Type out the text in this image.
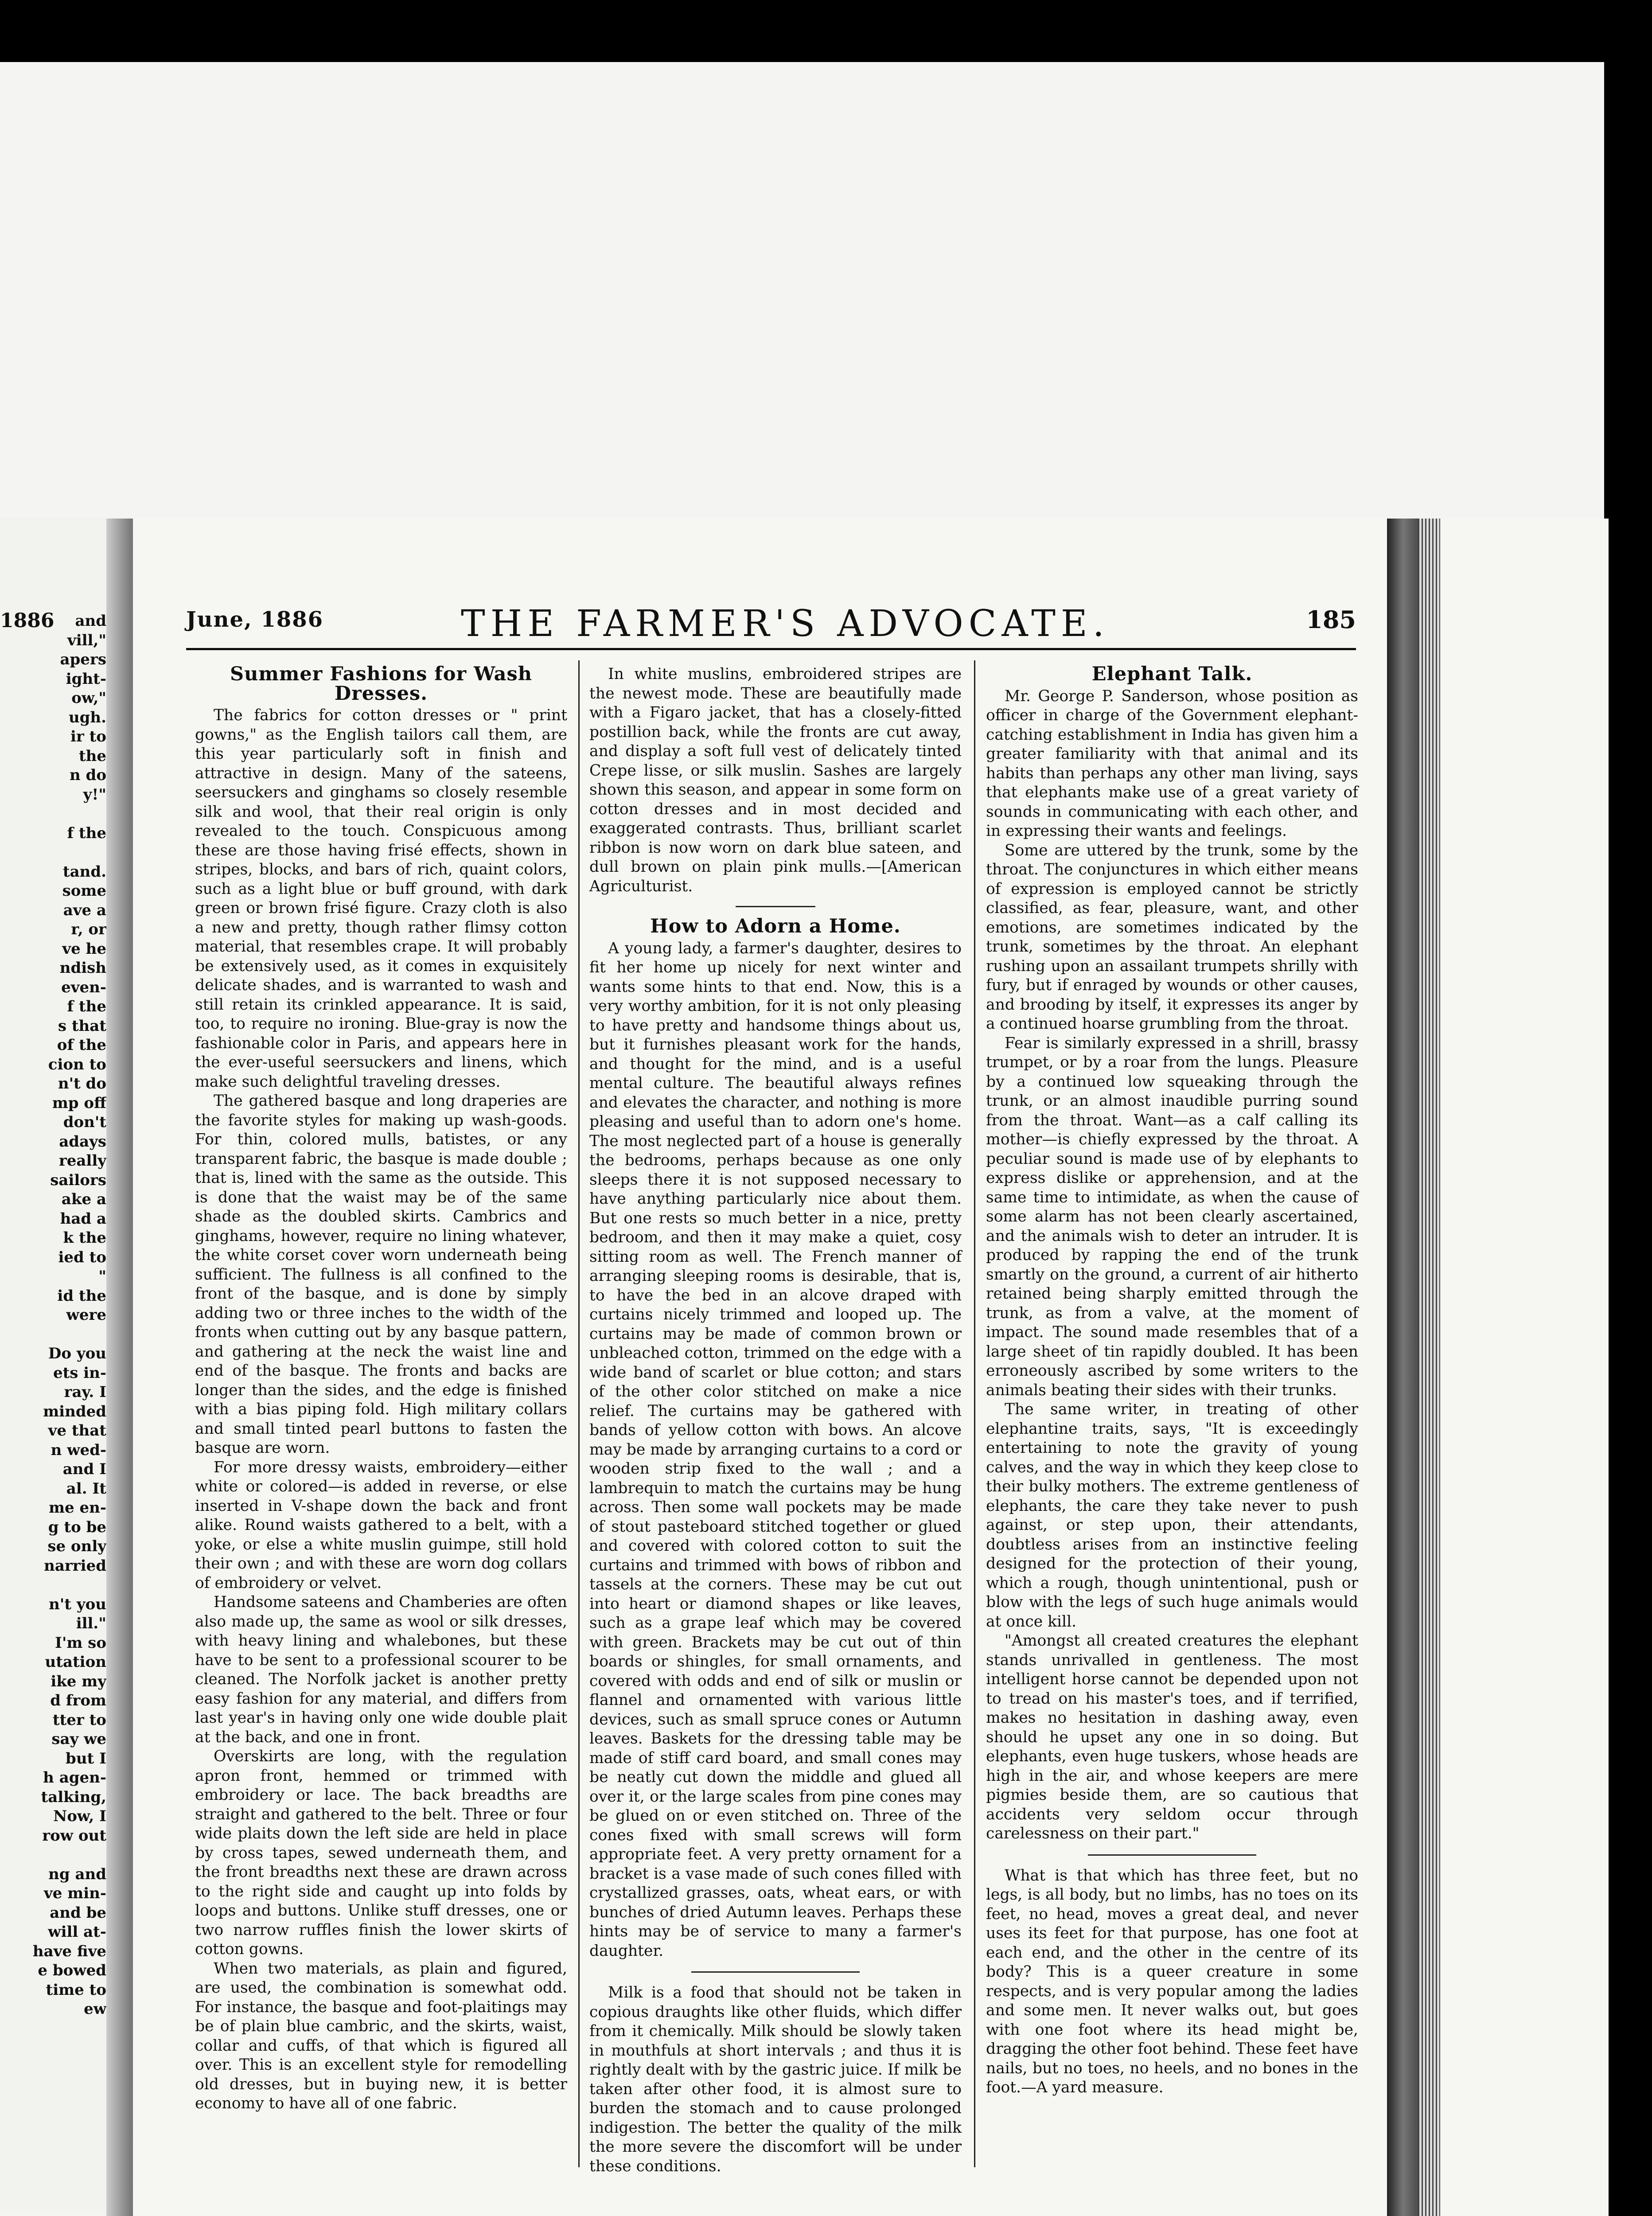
1886	and
vill,"
apers
ight-
ow,"
ugh.
ir to
the
n do
y!"

f the

tand.
some
ave a
r, or
ve he
ndish
even-
f the
s that
of the
cion to
n't do
mp off
don't
adays
really
sailors
ake a
had a
k the
ied to
"
id the
were

Do you
ets in-
ray. I
minded
ve that
n wed-
and I
al. It
me en-
g to be
se only
narried

n't you
ill."
I'm so
utation
ike my
d from
tter to
say we
but I
h agen-
talking,
Now, I
row out

ng and
ve min-
and be
will at-
have five
e bowed
time to
ew
June, 1886	THE FARMER'S ADVOCATE.	185
Summer Fashions for Wash Dresses.

The fabrics for cotton dresses or " print gowns," as the English tailors call them, are this year particularly soft in finish and attractive in design. Many of the sateens, seersuckers and ginghams so closely resemble silk and wool, that their real origin is only revealed to the touch. Conspicuous among these are those having frisé effects, shown in stripes, blocks, and bars of rich, quaint colors, such as a light blue or buff ground, with dark green or brown frisé figure. Crazy cloth is also a new and pretty, though rather flimsy cotton material, that resembles crape. It will probably be extensively used, as it comes in exquisitely delicate shades, and is warranted to wash and still retain its crinkled appearance. It is said, too, to require no ironing. Blue-gray is now the fashionable color in Paris, and appears here in the ever-useful seersuckers and linens, which make such delightful traveling dresses.

The gathered basque and long draperies are the favorite styles for making up wash-goods. For thin, colored mulls, batistes, or any transparent fabric, the basque is made double ; that is, lined with the same as the outside. This is done that the waist may be of the same shade as the doubled skirts. Cambrics and ginghams, however, require no lining whatever, the white corset cover worn underneath being sufficient. The fullness is all confined to the front of the basque, and is done by simply adding two or three inches to the width of the fronts when cutting out by any basque pattern, and gathering at the neck the waist line and end of the basque. The fronts and backs are longer than the sides, and the edge is finished with a bias piping fold. High military collars and small tinted pearl buttons to fasten the basque are worn.

For more dressy waists, embroidery—either white or colored—is added in reverse, or else inserted in V-shape down the back and front alike. Round waists gathered to a belt, with a yoke, or else a white muslin guimpe, still hold their own ; and with these are worn dog collars of embroidery or velvet.

Handsome sateens and Chamberies are often also made up, the same as wool or silk dresses, with heavy lining and whalebones, but these have to be sent to a professional scourer to be cleaned. The Norfolk jacket is another pretty easy fashion for any material, and differs from last year's in having only one wide double plait at the back, and one in front.

Overskirts are long, with the regulation apron front, hemmed or trimmed with embroidery or lace. The back breadths are straight and gathered to the belt. Three or four wide plaits down the left side are held in place by cross tapes, sewed underneath them, and the front breadths next these are drawn across to the right side and caught up into folds by loops and buttons. Unlike stuff dresses, one or two narrow ruffles finish the lower skirts of cotton gowns.

When two materials, as plain and figured, are used, the combination is somewhat odd. For instance, the basque and foot-plaitings may be of plain blue cambric, and the skirts, waist, collar and cuffs, of that which is figured all over. This is an excellent style for remodelling old dresses, but in buying new, it is better economy to have all of one fabric.

In white muslins, embroidered stripes are the newest mode. These are beautifully made with a Figaro jacket, that has a closely-fitted postillion back, while the fronts are cut away, and display a soft full vest of delicately tinted Crepe lisse, or silk muslin. Sashes are largely shown this season, and appear in some form on cotton dresses and in most decided and exaggerated contrasts. Thus, brilliant scarlet ribbon is now worn on dark blue sateen, and dull brown on plain pink mulls.—[American Agriculturist.

How to Adorn a Home.

A young lady, a farmer's daughter, desires to fit her home up nicely for next winter and wants some hints to that end. Now, this is a very worthy ambition, for it is not only pleasing to have pretty and handsome things about us, but it furnishes pleasant work for the hands, and thought for the mind, and is a useful mental culture. The beautiful always refines and elevates the character, and nothing is more pleasing and useful than to adorn one's home. The most neglected part of a house is generally the bedrooms, perhaps because as one only sleeps there it is not supposed necessary to have anything particularly nice about them. But one rests so much better in a nice, pretty bedroom, and then it may make a quiet, cosy sitting room as well. The French manner of arranging sleeping rooms is desirable, that is, to have the bed in an alcove draped with curtains nicely trimmed and looped up. The curtains may be made of common brown or unbleached cotton, trimmed on the edge with a wide band of scarlet or blue cotton; and stars of the other color stitched on make a nice relief. The curtains may be gathered with bands of yellow cotton with bows. An alcove may be made by arranging curtains to a cord or wooden strip fixed to the wall ; and a lambrequin to match the curtains may be hung across. Then some wall pockets may be made of stout pasteboard stitched together or glued and covered with colored cotton to suit the curtains and trimmed with bows of ribbon and tassels at the corners. These may be cut out into heart or diamond shapes or like leaves, such as a grape leaf which may be covered with green. Brackets may be cut out of thin boards or shingles, for small ornaments, and covered with odds and end of silk or muslin or flannel and ornamented with various little devices, such as small spruce cones or Autumn leaves. Baskets for the dressing table may be made of stiff card board, and small cones may be neatly cut down the middle and glued all over it, or the large scales from pine cones may be glued on or even stitched on. Three of the cones fixed with small screws will form appropriate feet. A very pretty ornament for a bracket is a vase made of such cones filled with crystallized grasses, oats, wheat ears, or with bunches of dried Autumn leaves. Perhaps these hints may be of service to many a farmer's daughter.

Milk is a food that should not be taken in copious draughts like other fluids, which differ from it chemically. Milk should be slowly taken in mouthfuls at short intervals ; and thus it is rightly dealt with by the gastric juice. If milk be taken after other food, it is almost sure to burden the stomach and to cause prolonged indigestion. The better the quality of the milk the more severe the discomfort will be under these conditions.

Elephant Talk.

Mr. George P. Sanderson, whose position as officer in charge of the Government elephant-catching establishment in India has given him a greater familiarity with that animal and its habits than perhaps any other man living, says that elephants make use of a great variety of sounds in communicating with each other, and in expressing their wants and feelings.

Some are uttered by the trunk, some by the throat. The conjunctures in which either means of expression is employed cannot be strictly classified, as fear, pleasure, want, and other emotions, are sometimes indicated by the trunk, sometimes by the throat. An elephant rushing upon an assailant trumpets shrilly with fury, but if enraged by wounds or other causes, and brooding by itself, it expresses its anger by a continued hoarse grumbling from the throat.

Fear is similarly expressed in a shrill, brassy trumpet, or by a roar from the lungs. Pleasure by a continued low squeaking through the trunk, or an almost inaudible purring sound from the throat. Want—as a calf calling its mother—is chiefly expressed by the throat. A peculiar sound is made use of by elephants to express dislike or apprehension, and at the same time to intimidate, as when the cause of some alarm has not been clearly ascertained, and the animals wish to deter an intruder. It is produced by rapping the end of the trunk smartly on the ground, a current of air hitherto retained being sharply emitted through the trunk, as from a valve, at the moment of impact. The sound made resembles that of a large sheet of tin rapidly doubled. It has been erroneously ascribed by some writers to the animals beating their sides with their trunks.

The same writer, in treating of other elephantine traits, says, "It is exceedingly entertaining to note the gravity of young calves, and the way in which they keep close to their bulky mothers. The extreme gentleness of elephants, the care they take never to push against, or step upon, their attendants, doubtless arises from an instinctive feeling designed for the protection of their young, which a rough, though unintentional, push or blow with the legs of such huge animals would at once kill.

"Amongst all created creatures the elephant stands unrivalled in gentleness. The most intelligent horse cannot be depended upon not to tread on his master's toes, and if terrified, makes no hesitation in dashing away, even should he upset any one in so doing. But elephants, even huge tuskers, whose heads are high in the air, and whose keepers are mere pigmies beside them, are so cautious that accidents very seldom occur through carelessness on their part."

What is that which has three feet, but no legs, is all body, but no limbs, has no toes on its feet, no head, moves a great deal, and never uses its feet for that purpose, has one foot at each end, and the other in the centre of its body? This is a queer creature in some respects, and is very popular among the ladies and some men. It never walks out, but goes with one foot where its head might be, dragging the other foot behind. These feet have nails, but no toes, no heels, and no bones in the foot.—A yard measure.
